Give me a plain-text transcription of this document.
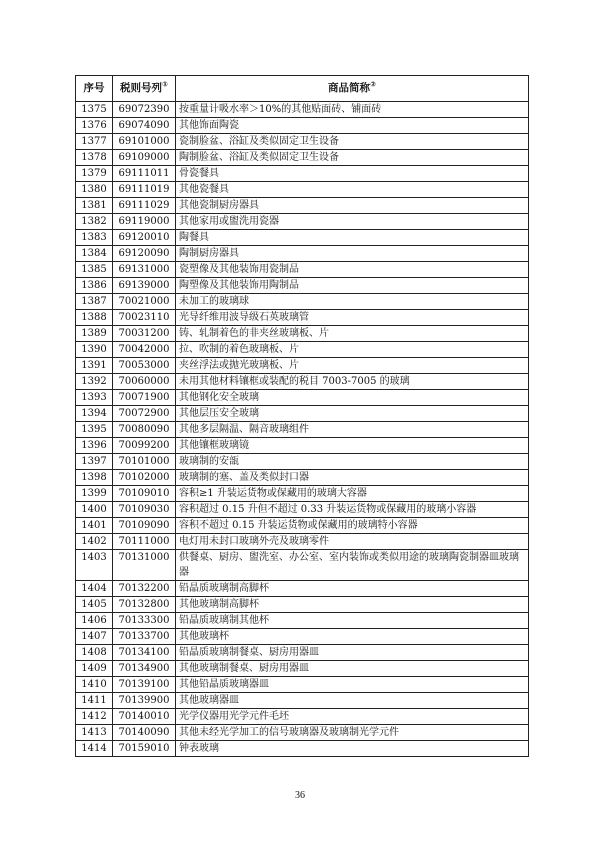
序号	税则号列①	商品简称②
1375	69072390	按重量计吸水率＞10%的其他贴面砖、铺面砖
1376	69074090	其他饰面陶瓷
1377	69101000	瓷制脸盆、浴缸及类似固定卫生设备
1378	69109000	陶制脸盆、浴缸及类似固定卫生设备
1379	69111011	骨瓷餐具
1380	69111019	其他瓷餐具
1381	69111029	其他瓷制厨房器具
1382	69119000	其他家用或盥洗用瓷器
1383	69120010	陶餐具
1384	69120090	陶制厨房器具
1385	69131000	瓷塑像及其他装饰用瓷制品
1386	69139000	陶塑像及其他装饰用陶制品
1387	70021000	未加工的玻璃球
1388	70023110	光导纤维用波导级石英玻璃管
1389	70031200	铸、轧制着色的非夹丝玻璃板、片
1390	70042000	拉、吹制的着色玻璃板、片
1391	70053000	夹丝浮法或抛光玻璃板、片
1392	70060000	未用其他材料镶框或装配的税目 7003-7005 的玻璃
1393	70071900	其他钢化安全玻璃
1394	70072900	其他层压安全玻璃
1395	70080090	其他多层隔温、隔音玻璃组件
1396	70099200	其他镶框玻璃镜
1397	70101000	玻璃制的安瓿
1398	70102000	玻璃制的塞、盖及类似封口器
1399	70109010	容积≥1 升装运货物或保藏用的玻璃大容器
1400	70109030	容积超过 0.15 升但不超过 0.33 升装运货物或保藏用的玻璃小容器
1401	70109090	容积不超过 0.15 升装运货物或保藏用的玻璃特小容器
1402	70111000	电灯用未封口玻璃外壳及玻璃零件
1403	70131000	供餐桌、厨房、盥洗室、办公室、室内装饰或类似用途的玻璃陶瓷制器皿玻璃器
1404	70132200	铅晶质玻璃制高脚杯
1405	70132800	其他玻璃制高脚杯
1406	70133300	铅晶质玻璃制其他杯
1407	70133700	其他玻璃杯
1408	70134100	铅晶质玻璃制餐桌、厨房用器皿
1409	70134900	其他玻璃制餐桌、厨房用器皿
1410	70139100	其他铅晶质玻璃器皿
1411	70139900	其他玻璃器皿
1412	70140010	光学仪器用光学元件毛坯
1413	70140090	其他未经光学加工的信号玻璃器及玻璃制光学元件
1414	70159010	钟表玻璃
36
